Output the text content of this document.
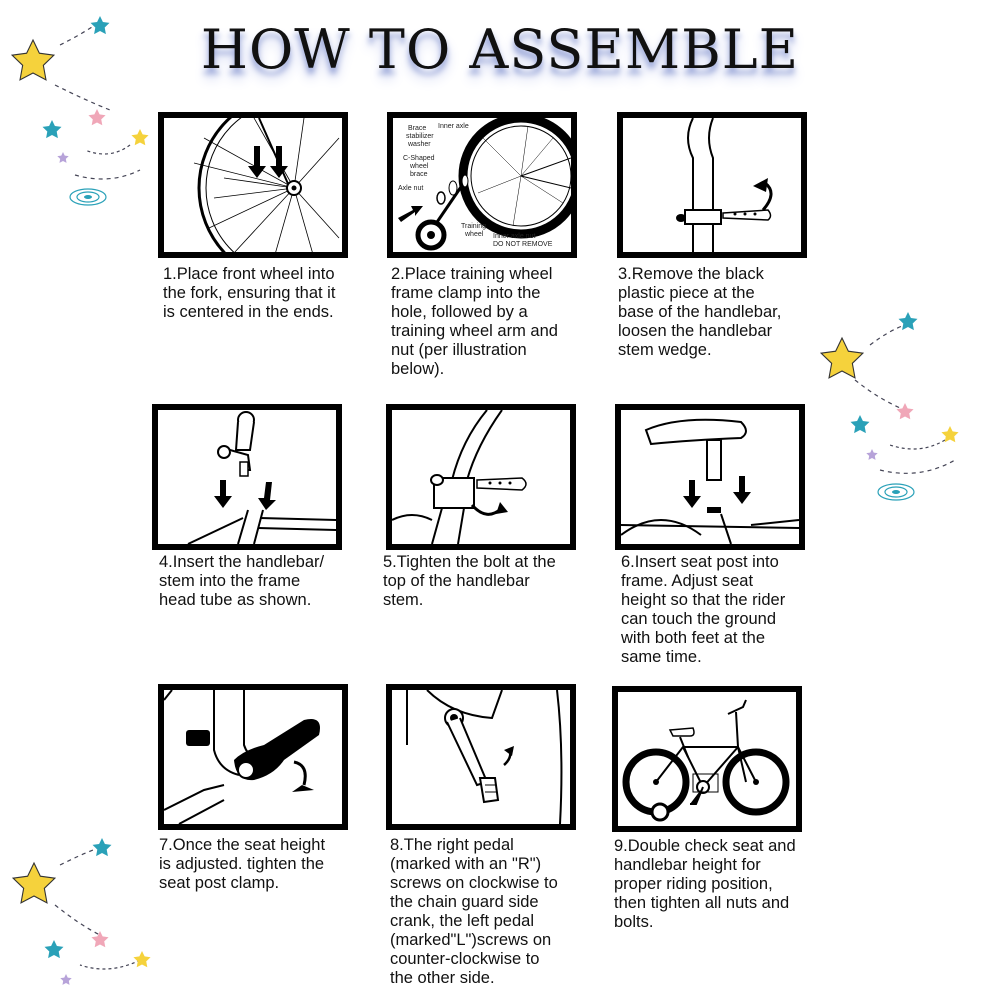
HOW TO ASSEMBLE
1.Place front wheel into
the fork, ensuring that it
is centered in the ends.
Inner axle
Brace
stabilizer
washer
C-Shaped
wheel
brace
Axle nut
Training
wheel Inner axle nut
DO NOT REMOVE
2.Place training wheel
frame clamp into the
hole, followed by a
training wheel arm and
nut (per illustration
below).
3.Remove the black
plastic piece at the
base of the handlebar,
loosen the handlebar
stem wedge.
4.Insert the handlebar/
stem into the frame
head tube as shown.
5.Tighten the bolt at the
top of the handlebar
stem.
6.Insert seat post into
frame. Adjust seat
height so that the rider
can touch the ground
with both feet at the
same time.
7.Once the seat height
is adjusted. tighten the
seat post clamp.
8.The right pedal
(marked with an "R")
screws on clockwise to
the chain guard side
crank, the left pedal
(marked"L")screws on
counter-clockwise to
the other side.
9.Double check seat and
handlebar height for
proper riding position,
then tighten all nuts and
bolts.
